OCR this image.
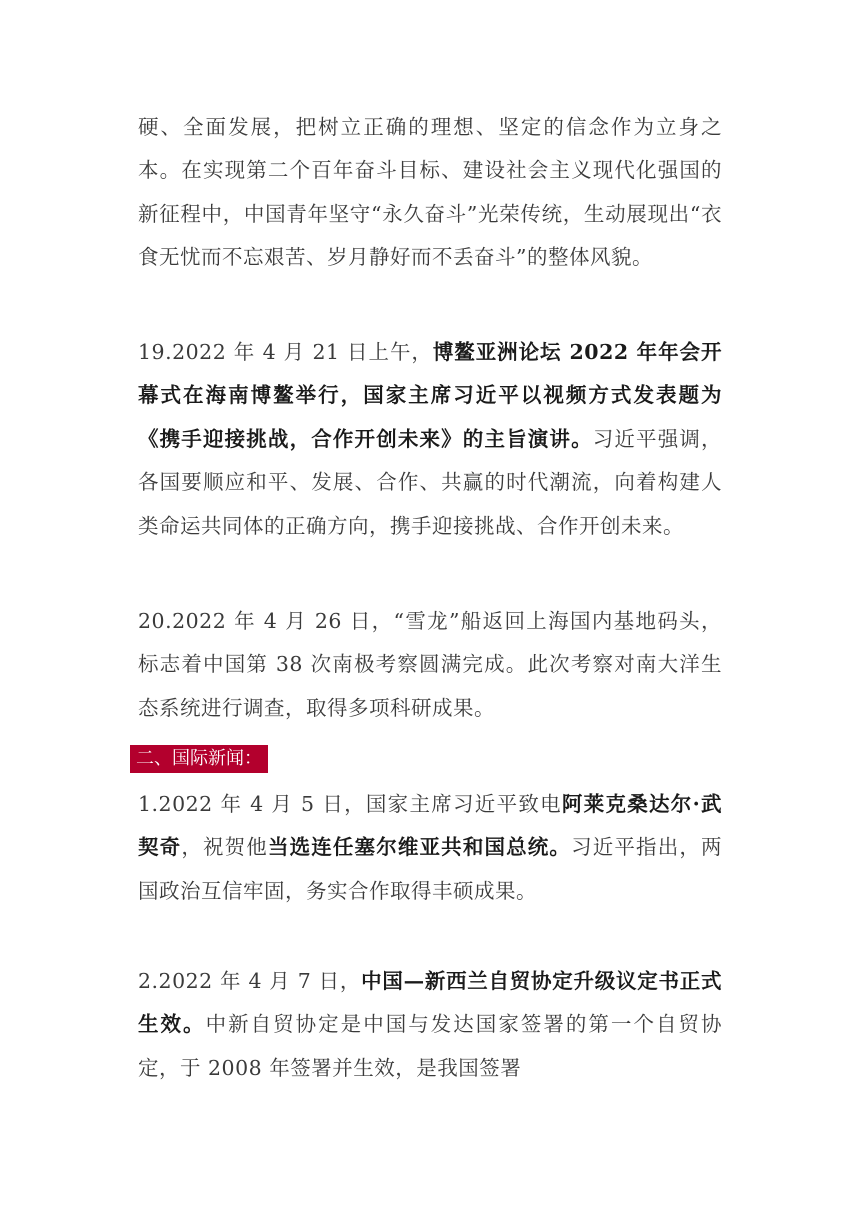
硬、全面发展，把树立正确的理想、坚定的信念作为立身之本。在实现第二个百年奋斗目标、建设社会主义现代化强国的新征程中，中国青年坚守“永久奋斗”光荣传统，生动展现出“衣食无忧而不忘艰苦、岁月静好而不丢奋斗”的整体风貌。

19.2022 年 4 月 21 日上午，博鳌亚洲论坛 2022 年年会开幕式在海南博鳌举行，国家主席习近平以视频方式发表题为《携手迎接挑战，合作开创未来》的主旨演讲。习近平强调，各国要顺应和平、发展、合作、共赢的时代潮流，向着构建人类命运共同体的正确方向，携手迎接挑战、合作开创未来。

20.2022 年 4 月 26 日，“雪龙”船返回上海国内基地码头，标志着中国第 38 次南极考察圆满完成。此次考察对南大洋生态系统进行调查，取得多项科研成果。

二、国际新闻：

1.2022 年 4 月 5 日，国家主席习近平致电阿莱克桑达尔·武契奇，祝贺他当选连任塞尔维亚共和国总统。习近平指出，两国政治互信牢固，务实合作取得丰硕成果。

2.2022 年 4 月 7 日，中国—新西兰自贸协定升级议定书正式生效。中新自贸协定是中国与发达国家签署的第一个自贸协定，于 2008 年签署并生效，是我国签署
